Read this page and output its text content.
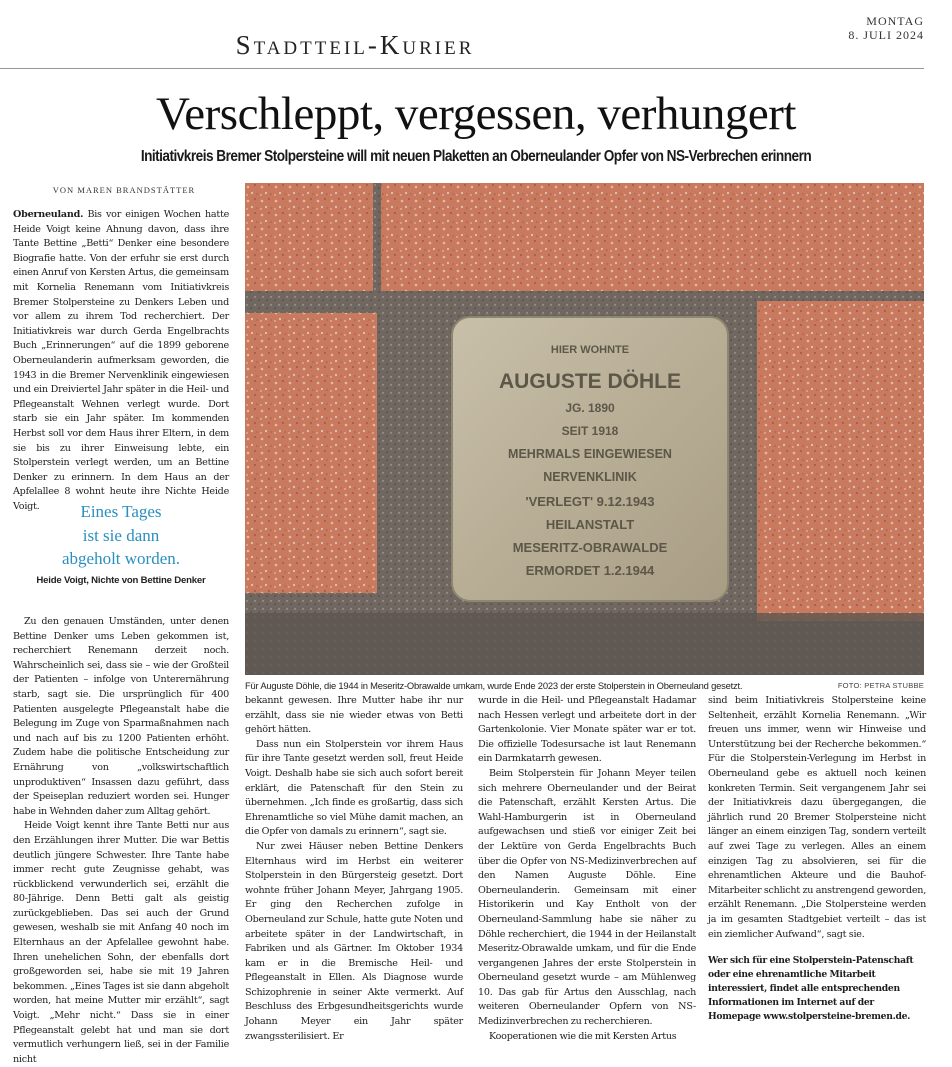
Stadtteil-Kurier
MONTAG
8. JULI 2024
Verschleppt, vergessen, verhungert
Initiativkreis Bremer Stolpersteine will mit neuen Plaketten an Oberneulander Opfer von NS-Verbrechen erinnern
VON MAREN BRANDSTÄTTER

Oberneuland. Bis vor einigen Wochen hatte Heide Voigt keine Ahnung davon, dass ihre Tante Bettine „Betti“ Denker eine besondere Biografie hatte. Von der erfuhr sie erst durch einen Anruf von Kersten Artus, die gemeinsam mit Kornelia Renemann vom Initiativkreis Bremer Stolpersteine zu Denkers Leben und vor allem zu ihrem Tod recherchiert. Der Initiativkreis war durch Gerda Engelbrachts Buch „Erinnerungen“ auf die 1899 geborene Oberneulanderin aufmerksam geworden, die 1943 in die Bremer Nervenklinik eingewiesen und ein Dreiviertel Jahr später in die Heil- und Pflegeanstalt Wehnen verlegt wurde. Dort starb sie ein Jahr später. Im kommenden Herbst soll vor dem Haus ihrer Eltern, in dem sie bis zu ihrer Einweisung lebte, ein Stolperstein verlegt werden, um an Bettine Denker zu erinnern. In dem Haus an der Apfelallee 8 wohnt heute ihre Nichte Heide Voigt.	Eines Tages
ist sie dann
abgeholt worden.
Heide Voigt, Nichte von Bettine Denker

Zu den genauen Umständen, unter denen Bettine Denker ums Leben gekommen ist, recherchiert Renemann derzeit noch. Wahrscheinlich sei, dass sie – wie der Großteil der Patienten – infolge von Unterernährung starb, sagt sie. Die ursprünglich für 400 Patienten ausgelegte Pflegeanstalt habe die Belegung im Zuge von Sparmaßnahmen nach und nach auf bis zu 1200 Patienten erhöht. Zudem habe die politische Entscheidung zur Ernährung von „volkswirtschaftlich unproduktiven“ Insassen dazu geführt, dass der Speiseplan reduziert worden sei. Hunger habe in Wehnden daher zum Alltag gehört.

Heide Voigt kennt ihre Tante Betti nur aus den Erzählungen ihrer Mutter. Die war Bettis deutlich jüngere Schwester. Ihre Tante habe immer recht gute Zeugnisse gehabt, was rückblickend verwunderlich sei, erzählt die 80-Jährige. Denn Betti galt als geistig zurückgeblieben. Das sei auch der Grund gewesen, weshalb sie mit Anfang 40 noch im Elternhaus an der Apfelallee gewohnt habe. Ihren unehelichen Sohn, der ebenfalls dort großgeworden sei, habe sie mit 19 Jahren bekommen. „Eines Tages ist sie dann abgeholt worden, hat meine Mutter mir erzählt“, sagt Voigt. „Mehr nicht.“ Dass sie in einer Pflegeanstalt gelebt hat und man sie dort vermutlich verhungern ließ, sei in der Familie nicht

HIER WOHNTE
AUGUSTE DÖHLE
JG. 1890
SEIT 1918
MEHRMALS EINGEWIESEN
NERVENKLINIK
'VERLEGT' 9.12.1943
HEILANSTALT
MESERITZ-OBRAWALDE
ERMORDET 1.2.1944
Für Auguste Döhle, die 1944 in Meseritz-Obrawalde umkam, wurde Ende 2023 der erste Stolperstein in Oberneuland gesetzt.	FOTO: PETRA STUBBE

bekannt gewesen. Ihre Mutter habe ihr nur erzählt, dass sie nie wieder etwas von Betti gehört hätten.

Dass nun ein Stolperstein vor ihrem Haus für ihre Tante gesetzt werden soll, freut Heide Voigt. Deshalb habe sie sich auch sofort bereit erklärt, die Patenschaft für den Stein zu übernehmen. „Ich finde es großartig, dass sich Ehrenamtliche so viel Mühe damit machen, an die Opfer von damals zu erinnern“, sagt sie.

Nur zwei Häuser neben Bettine Denkers Elternhaus wird im Herbst ein weiterer Stolperstein in den Bürgersteig gesetzt. Dort wohnte früher Johann Meyer, Jahrgang 1905. Er ging den Recherchen zufolge in Oberneuland zur Schule, hatte gute Noten und arbeitete später in der Landwirtschaft, in Fabriken und als Gärtner. Im Oktober 1934 kam er in die Bremische Heil- und Pflegeanstalt in Ellen. Als Diagnose wurde Schizophrenie in seiner Akte vermerkt. Auf Beschluss des Erbgesundheitsgerichts wurde Johann Meyer ein Jahr später zwangssterilisiert. Er

wurde in die Heil- und Pflegeanstalt Hadamar nach Hessen verlegt und arbeitete dort in der Gartenkolonie. Vier Monate später war er tot. Die offizielle Todesursache ist laut Renemann ein Darmkatarrh gewesen.

Beim Stolperstein für Johann Meyer teilen sich mehrere Oberneulander und der Beirat die Patenschaft, erzählt Kersten Artus. Die Wahl-Hamburgerin ist in Oberneuland aufgewachsen und stieß vor einiger Zeit bei der Lektüre von Gerda Engelbrachts Buch über die Opfer von NS-Medizinverbrechen auf den Namen Auguste Döhle. Eine Oberneulanderin. Gemeinsam mit einer Historikerin und Kay Entholt von der Oberneuland-Sammlung habe sie näher zu Döhle recherchiert, die 1944 in der Heilanstalt Meseritz-Obrawalde umkam, und für die Ende vergangenen Jahres der erste Stolperstein in Oberneuland gesetzt wurde – am Mühlenweg 10. Das gab für Artus den Ausschlag, nach weiteren Oberneulander Opfern von NS-Medizinverbrechen zu recherchieren.

Kooperationen wie die mit Kersten Artus

sind beim Initiativkreis Stolpersteine keine Seltenheit, erzählt Kornelia Renemann. „Wir freuen uns immer, wenn wir Hinweise und Unterstützung bei der Recherche bekommen.“ Für die Stolperstein-Verlegung im Herbst in Oberneuland gebe es aktuell noch keinen konkreten Termin. Seit vergangenem Jahr sei der Initiativkreis dazu übergegangen, die jährlich rund 20 Bremer Stolpersteine nicht länger an einem einzigen Tag, sondern verteilt auf zwei Tage zu verlegen. Alles an einem einzigen Tag zu absolvieren, sei für die ehrenamtlichen Akteure und die Bauhof-Mitarbeiter schlicht zu anstrengend geworden, erzählt Renemann. „Die Stolpersteine werden ja im gesamten Stadtgebiet verteilt – das ist ein ziemlicher Aufwand“, sagt sie.

Wer sich für eine Stolperstein-Patenschaft oder eine ehrenamtliche Mitarbeit interessiert, findet alle entsprechenden Informationen im Internet auf der Homepage www.stolpersteine-bremen.de.
